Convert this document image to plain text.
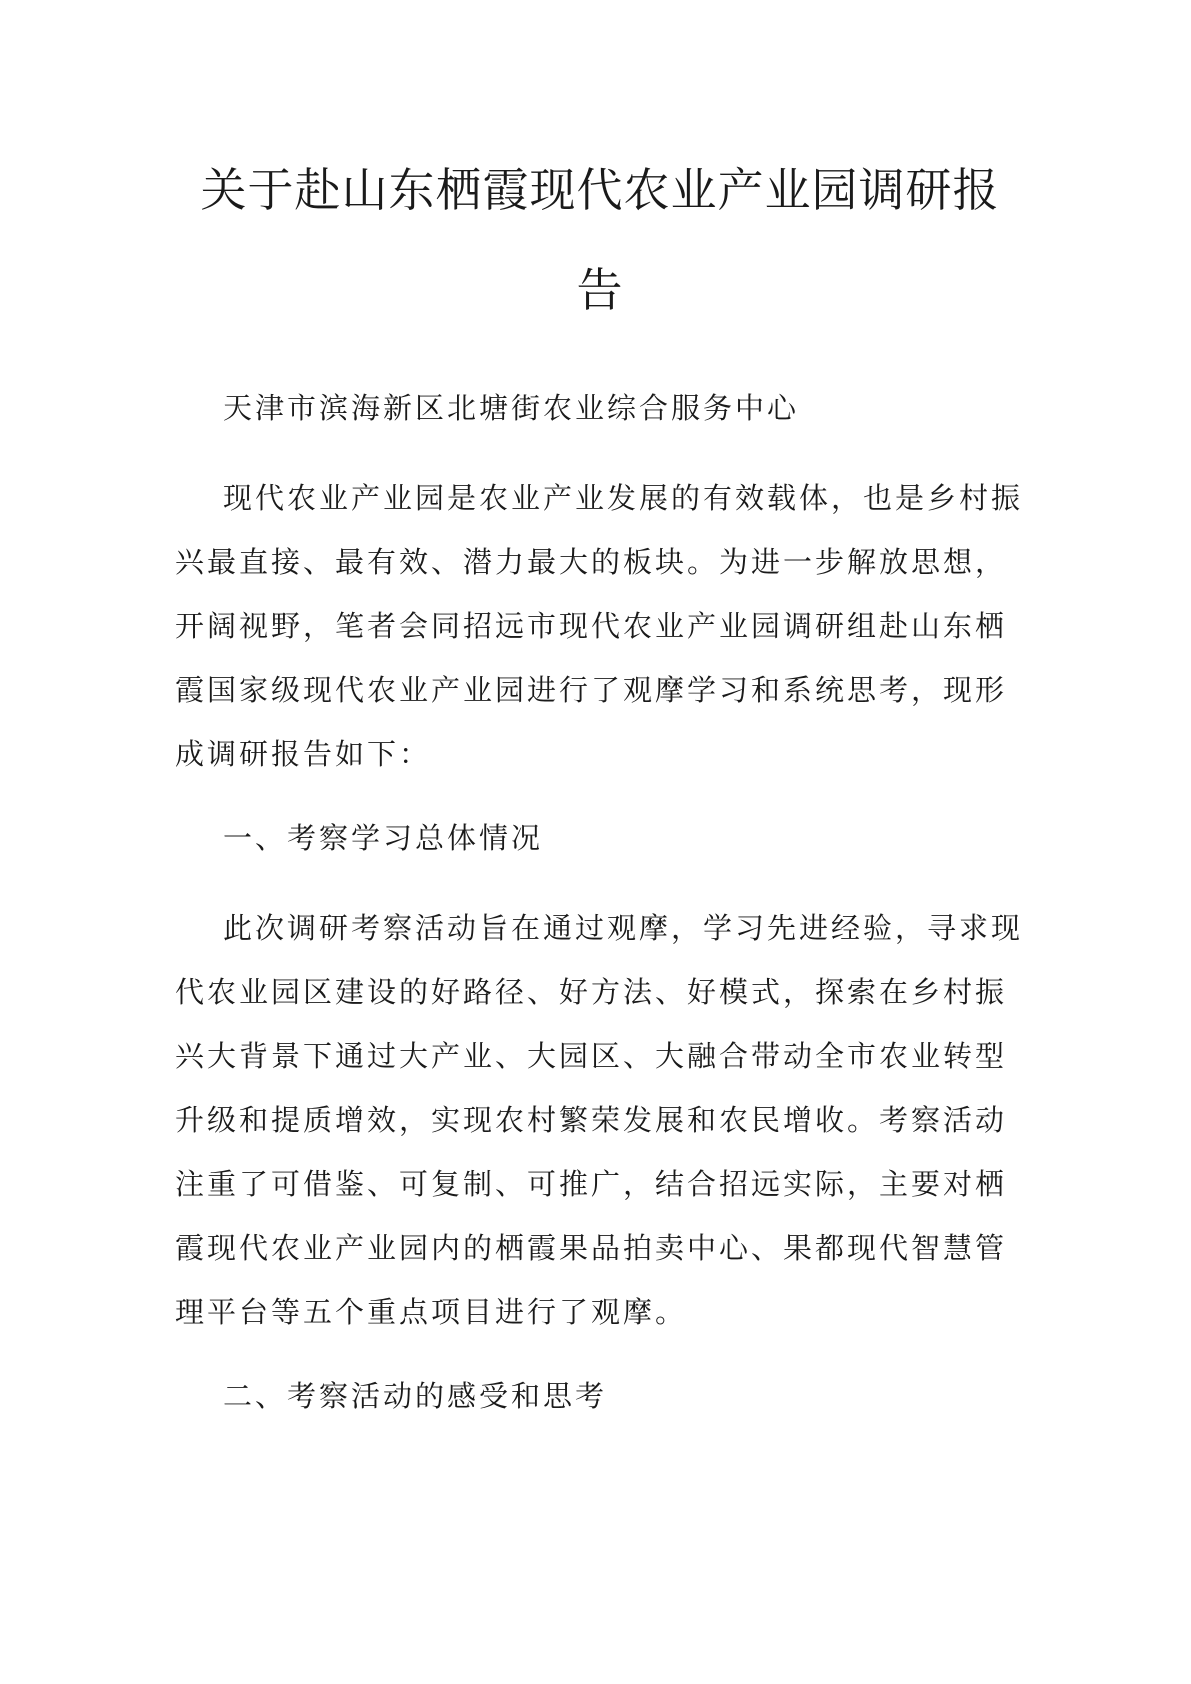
关于赴山东栖霞现代农业产业园调研报
告

天津市滨海新区北塘街农业综合服务中心

现代农业产业园是农业产业发展的有效载体，也是乡村振
兴最直接、最有效、潜力最大的板块。为进一步解放思想，
开阔视野，笔者会同招远市现代农业产业园调研组赴山东栖
霞国家级现代农业产业园进行了观摩学习和系统思考，现形
成调研报告如下：

一、考察学习总体情况

此次调研考察活动旨在通过观摩，学习先进经验，寻求现
代农业园区建设的好路径、好方法、好模式，探索在乡村振
兴大背景下通过大产业、大园区、大融合带动全市农业转型
升级和提质增效，实现农村繁荣发展和农民增收。考察活动
注重了可借鉴、可复制、可推广，结合招远实际，主要对栖
霞现代农业产业园内的栖霞果品拍卖中心、果都现代智慧管
理平台等五个重点项目进行了观摩。

二、考察活动的感受和思考
